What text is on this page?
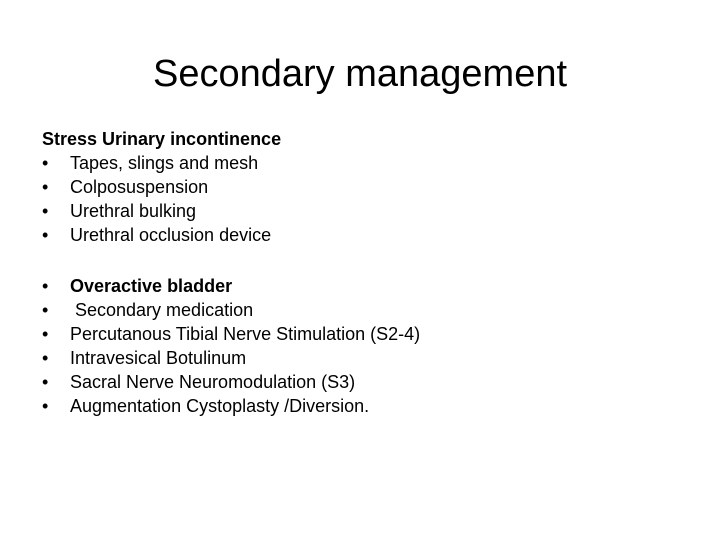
Secondary management
Stress Urinary incontinence
•	Tapes, slings and mesh
•	Colposuspension
•	Urethral bulking
•	Urethral occlusion device
•	Overactive bladder
•	Secondary medication
•	Percutanous Tibial Nerve Stimulation (S2-4)
•	Intravesical Botulinum
•	Sacral Nerve Neuromodulation (S3)
•	Augmentation Cystoplasty /Diversion.
